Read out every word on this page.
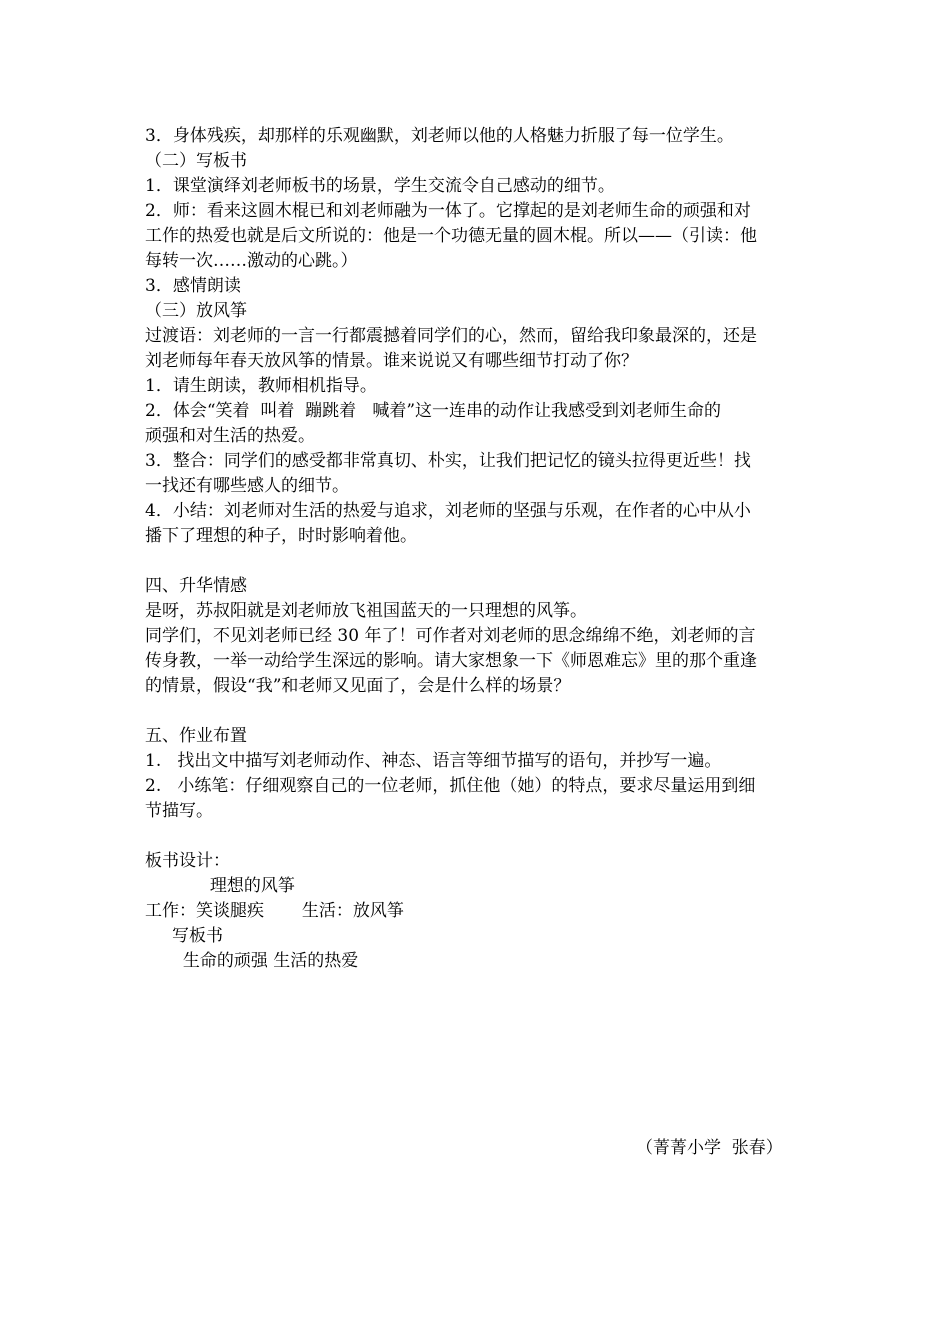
3．身体残疾，却那样的乐观幽默，刘老师以他的人格魅力折服了每一位学生。
（二）写板书
1．课堂演绎刘老师板书的场景，学生交流令自己感动的细节。
2．师：看来这圆木棍已和刘老师融为一体了。它撑起的是刘老师生命的顽强和对
工作的热爱也就是后文所说的：他是一个功德无量的圆木棍。所以——（引读：他
每转一次……激动的心跳。）
3．感情朗读
（三）放风筝
过渡语：刘老师的一言一行都震撼着同学们的心，然而，留给我印象最深的，还是
刘老师每年春天放风筝的情景。谁来说说又有哪些细节打动了你？
1．请生朗读，教师相机指导。
2．体会“笑着  叫着  蹦跳着   喊着”这一连串的动作让我感受到刘老师生命的
顽强和对生活的热爱。
3．整合：同学们的感受都非常真切、朴实，让我们把记忆的镜头拉得更近些！找
一找还有哪些感人的细节。
4．小结：刘老师对生活的热爱与追求，刘老师的坚强与乐观，在作者的心中从小
播下了理想的种子，时时影响着他。
四、升华情感
是呀，苏叔阳就是刘老师放飞祖国蓝天的一只理想的风筝。
同学们，不见刘老师已经 30 年了！可作者对刘老师的思念绵绵不绝，刘老师的言
传身教，一举一动给学生深远的影响。请大家想象一下《师恩难忘》里的那个重逢
的情景，假设“我”和老师又见面了，会是什么样的场景？
五、作业布置
1.   找出文中描写刘老师动作、神态、语言等细节描写的语句，并抄写一遍。
2.   小练笔：仔细观察自己的一位老师，抓住他（她）的特点，要求尽量运用到细
节描写。
板书设计：
理想的风筝
工作：笑谈腿疾       生活：放风筝
写板书
生命的顽强 生活的热爱
（菁菁小学  张春）
